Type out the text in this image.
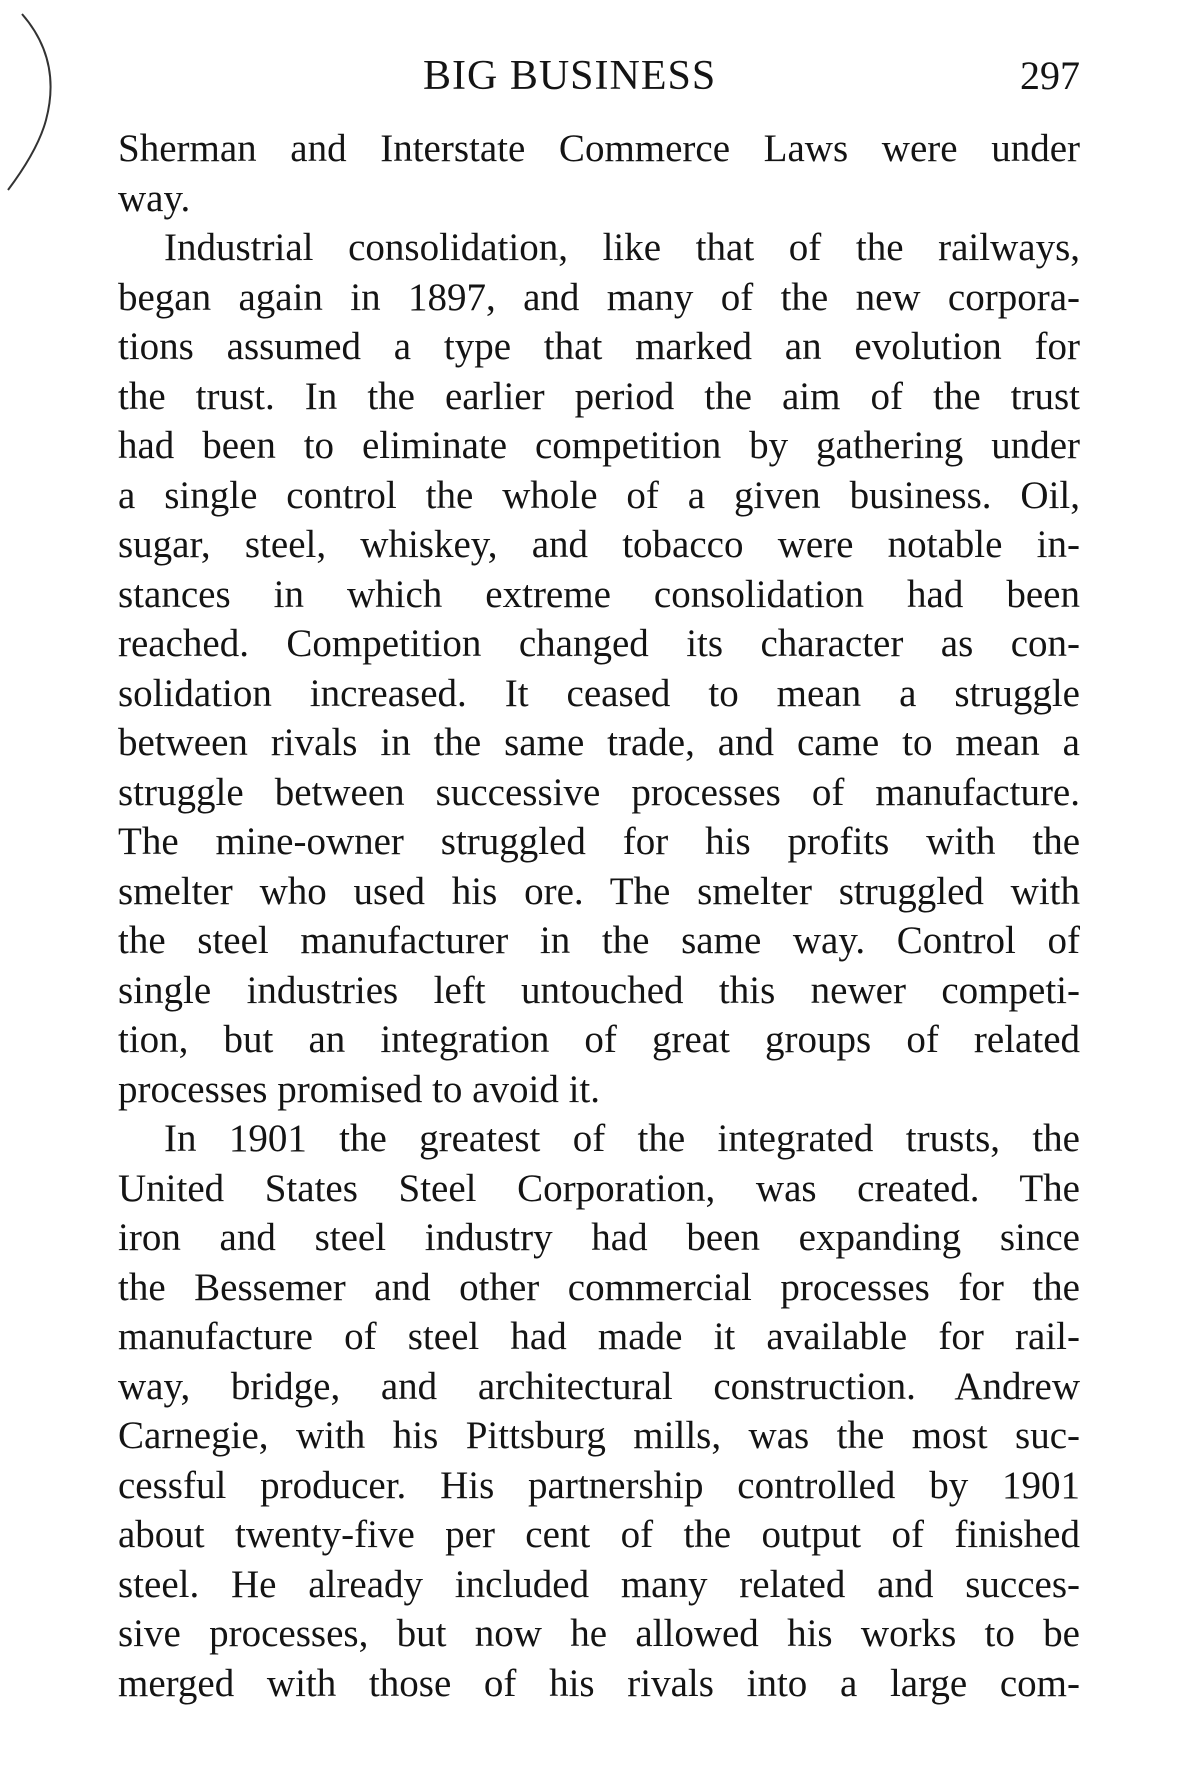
BIG BUSINESS	297
Sherman and Interstate Commerce Laws were under
way.
Industrial consolidation, like that of the railways,
began again in 1897, and many of the new corpora-
tions assumed a type that marked an evolution for
the trust. In the earlier period the aim of the trust
had been to eliminate competition by gathering under
a single control the whole of a given business. Oil,
sugar, steel, whiskey, and tobacco were notable in-
stances in which extreme consolidation had been
reached. Competition changed its character as con-
solidation increased. It ceased to mean a struggle
between rivals in the same trade, and came to mean a
struggle between successive processes of manufacture.
The mine-owner struggled for his profits with the
smelter who used his ore. The smelter struggled with
the steel manufacturer in the same way. Control of
single industries left untouched this newer competi-
tion, but an integration of great groups of related
processes promised to avoid it.
In 1901 the greatest of the integrated trusts, the
United States Steel Corporation, was created. The
iron and steel industry had been expanding since
the Bessemer and other commercial processes for the
manufacture of steel had made it available for rail-
way, bridge, and architectural construction. Andrew
Carnegie, with his Pittsburg mills, was the most suc-
cessful producer. His partnership controlled by 1901
about twenty-five per cent of the output of finished
steel. He already included many related and succes-
sive processes, but now he allowed his works to be
merged with those of his rivals into a large com-
